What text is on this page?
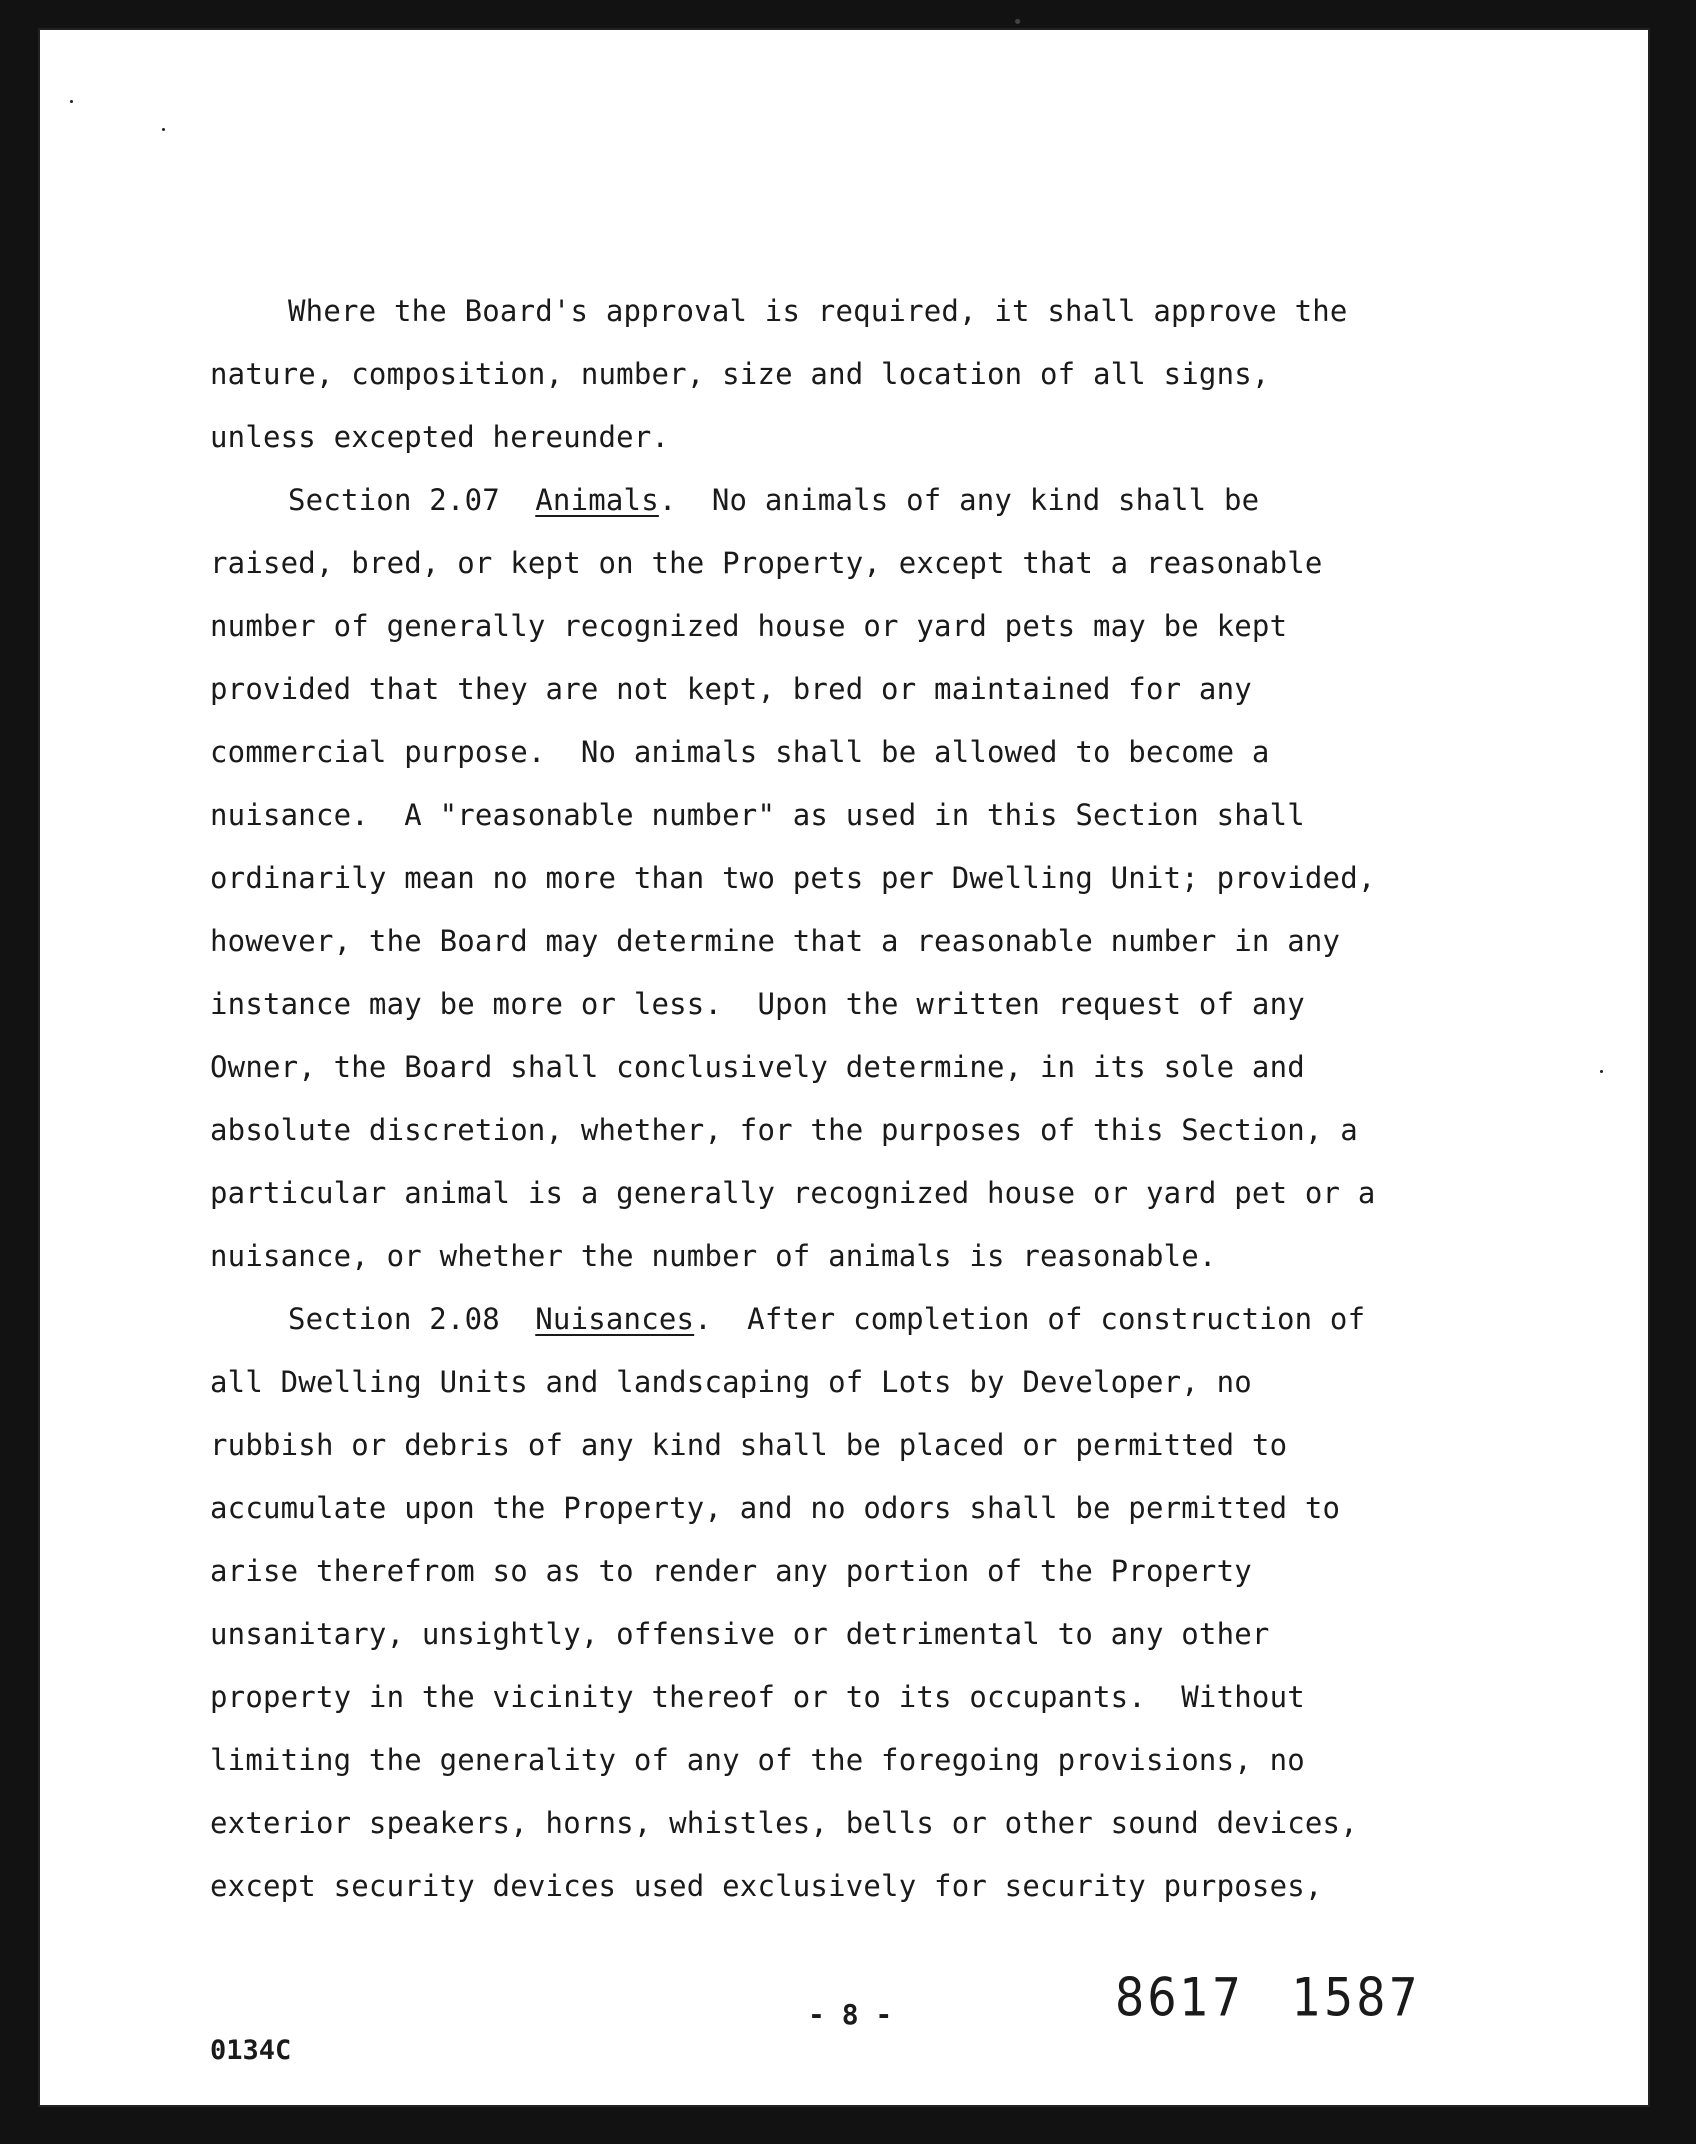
Where the Board's approval is required, it shall approve the
nature, composition, number, size and location of all signs,
unless excepted hereunder.
Section 2.07 Animals.  No animals of any kind shall be
raised, bred, or kept on the Property, except that a reasonable
number of generally recognized house or yard pets may be kept
provided that they are not kept, bred or maintained for any
commercial purpose.  No animals shall be allowed to become a
nuisance.  A "reasonable number" as used in this Section shall
ordinarily mean no more than two pets per Dwelling Unit; provided,
however, the Board may determine that a reasonable number in any
instance may be more or less.  Upon the written request of any
Owner, the Board shall conclusively determine, in its sole and
absolute discretion, whether, for the purposes of this Section, a
particular animal is a generally recognized house or yard pet or a
nuisance, or whether the number of animals is reasonable.
Section 2.08 Nuisances.  After completion of construction of
all Dwelling Units and landscaping of Lots by Developer, no
rubbish or debris of any kind shall be placed or permitted to
accumulate upon the Property, and no odors shall be permitted to
arise therefrom so as to render any portion of the Property
unsanitary, unsightly, offensive or detrimental to any other
property in the vicinity thereof or to its occupants.  Without
limiting the generality of any of the foregoing provisions, no
exterior speakers, horns, whistles, bells or other sound devices,
except security devices used exclusively for security purposes,
- 8 -	8617 1587
0134C
